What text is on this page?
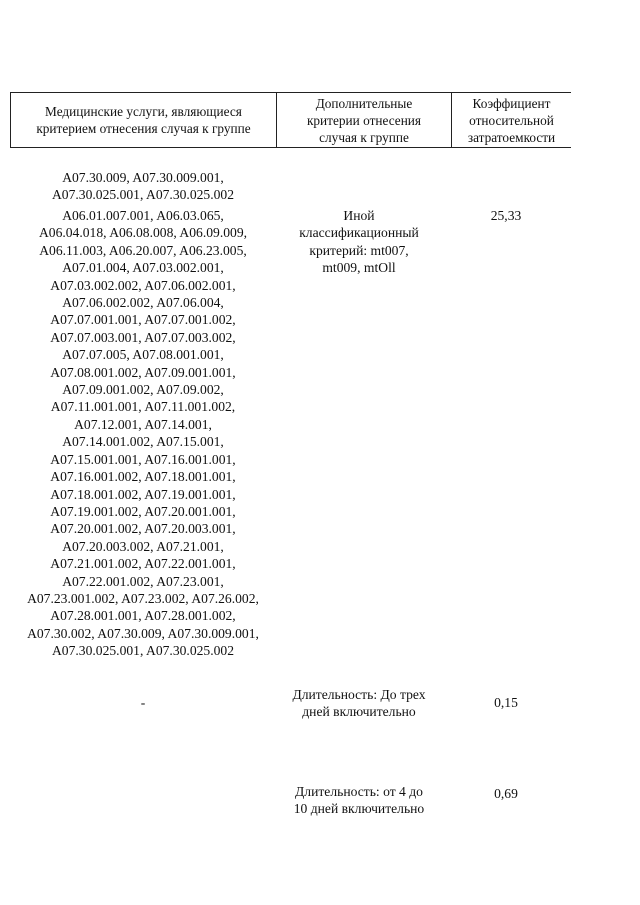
Медицинские услуги, являющиеся
критерием отнесения случая к группе
Дополнительные
критерии отнесения
случая к группе
Коэффициент
относительной
затратоемкости
A07.30.009, A07.30.009.001,
A07.30.025.001, A07.30.025.002
A06.01.007.001, A06.03.065,
A06.04.018, A06.08.008, A06.09.009,
A06.11.003, A06.20.007, A06.23.005,
A07.01.004, A07.03.002.001,
A07.03.002.002, A07.06.002.001,
A07.06.002.002, A07.06.004,
A07.07.001.001, A07.07.001.002,
A07.07.003.001, A07.07.003.002,
A07.07.005, A07.08.001.001,
A07.08.001.002, A07.09.001.001,
A07.09.001.002, A07.09.002,
A07.11.001.001, A07.11.001.002,
A07.12.001, A07.14.001,
A07.14.001.002, A07.15.001,
A07.15.001.001, A07.16.001.001,
A07.16.001.002, A07.18.001.001,
A07.18.001.002, A07.19.001.001,
A07.19.001.002, A07.20.001.001,
A07.20.001.002, A07.20.003.001,
A07.20.003.002, A07.21.001,
A07.21.001.002, A07.22.001.001,
A07.22.001.002, A07.23.001,
A07.23.001.002, A07.23.002, A07.26.002,
A07.28.001.001, A07.28.001.002,
A07.30.002, A07.30.009, A07.30.009.001,
A07.30.025.001, A07.30.025.002
Иной
классификационный
критерий: mt007,
mt009, mtOll
25,33
-
Длительность: До трех
дней включительно
0,15
Длительность: от 4 до
10 дней включительно
0,69
